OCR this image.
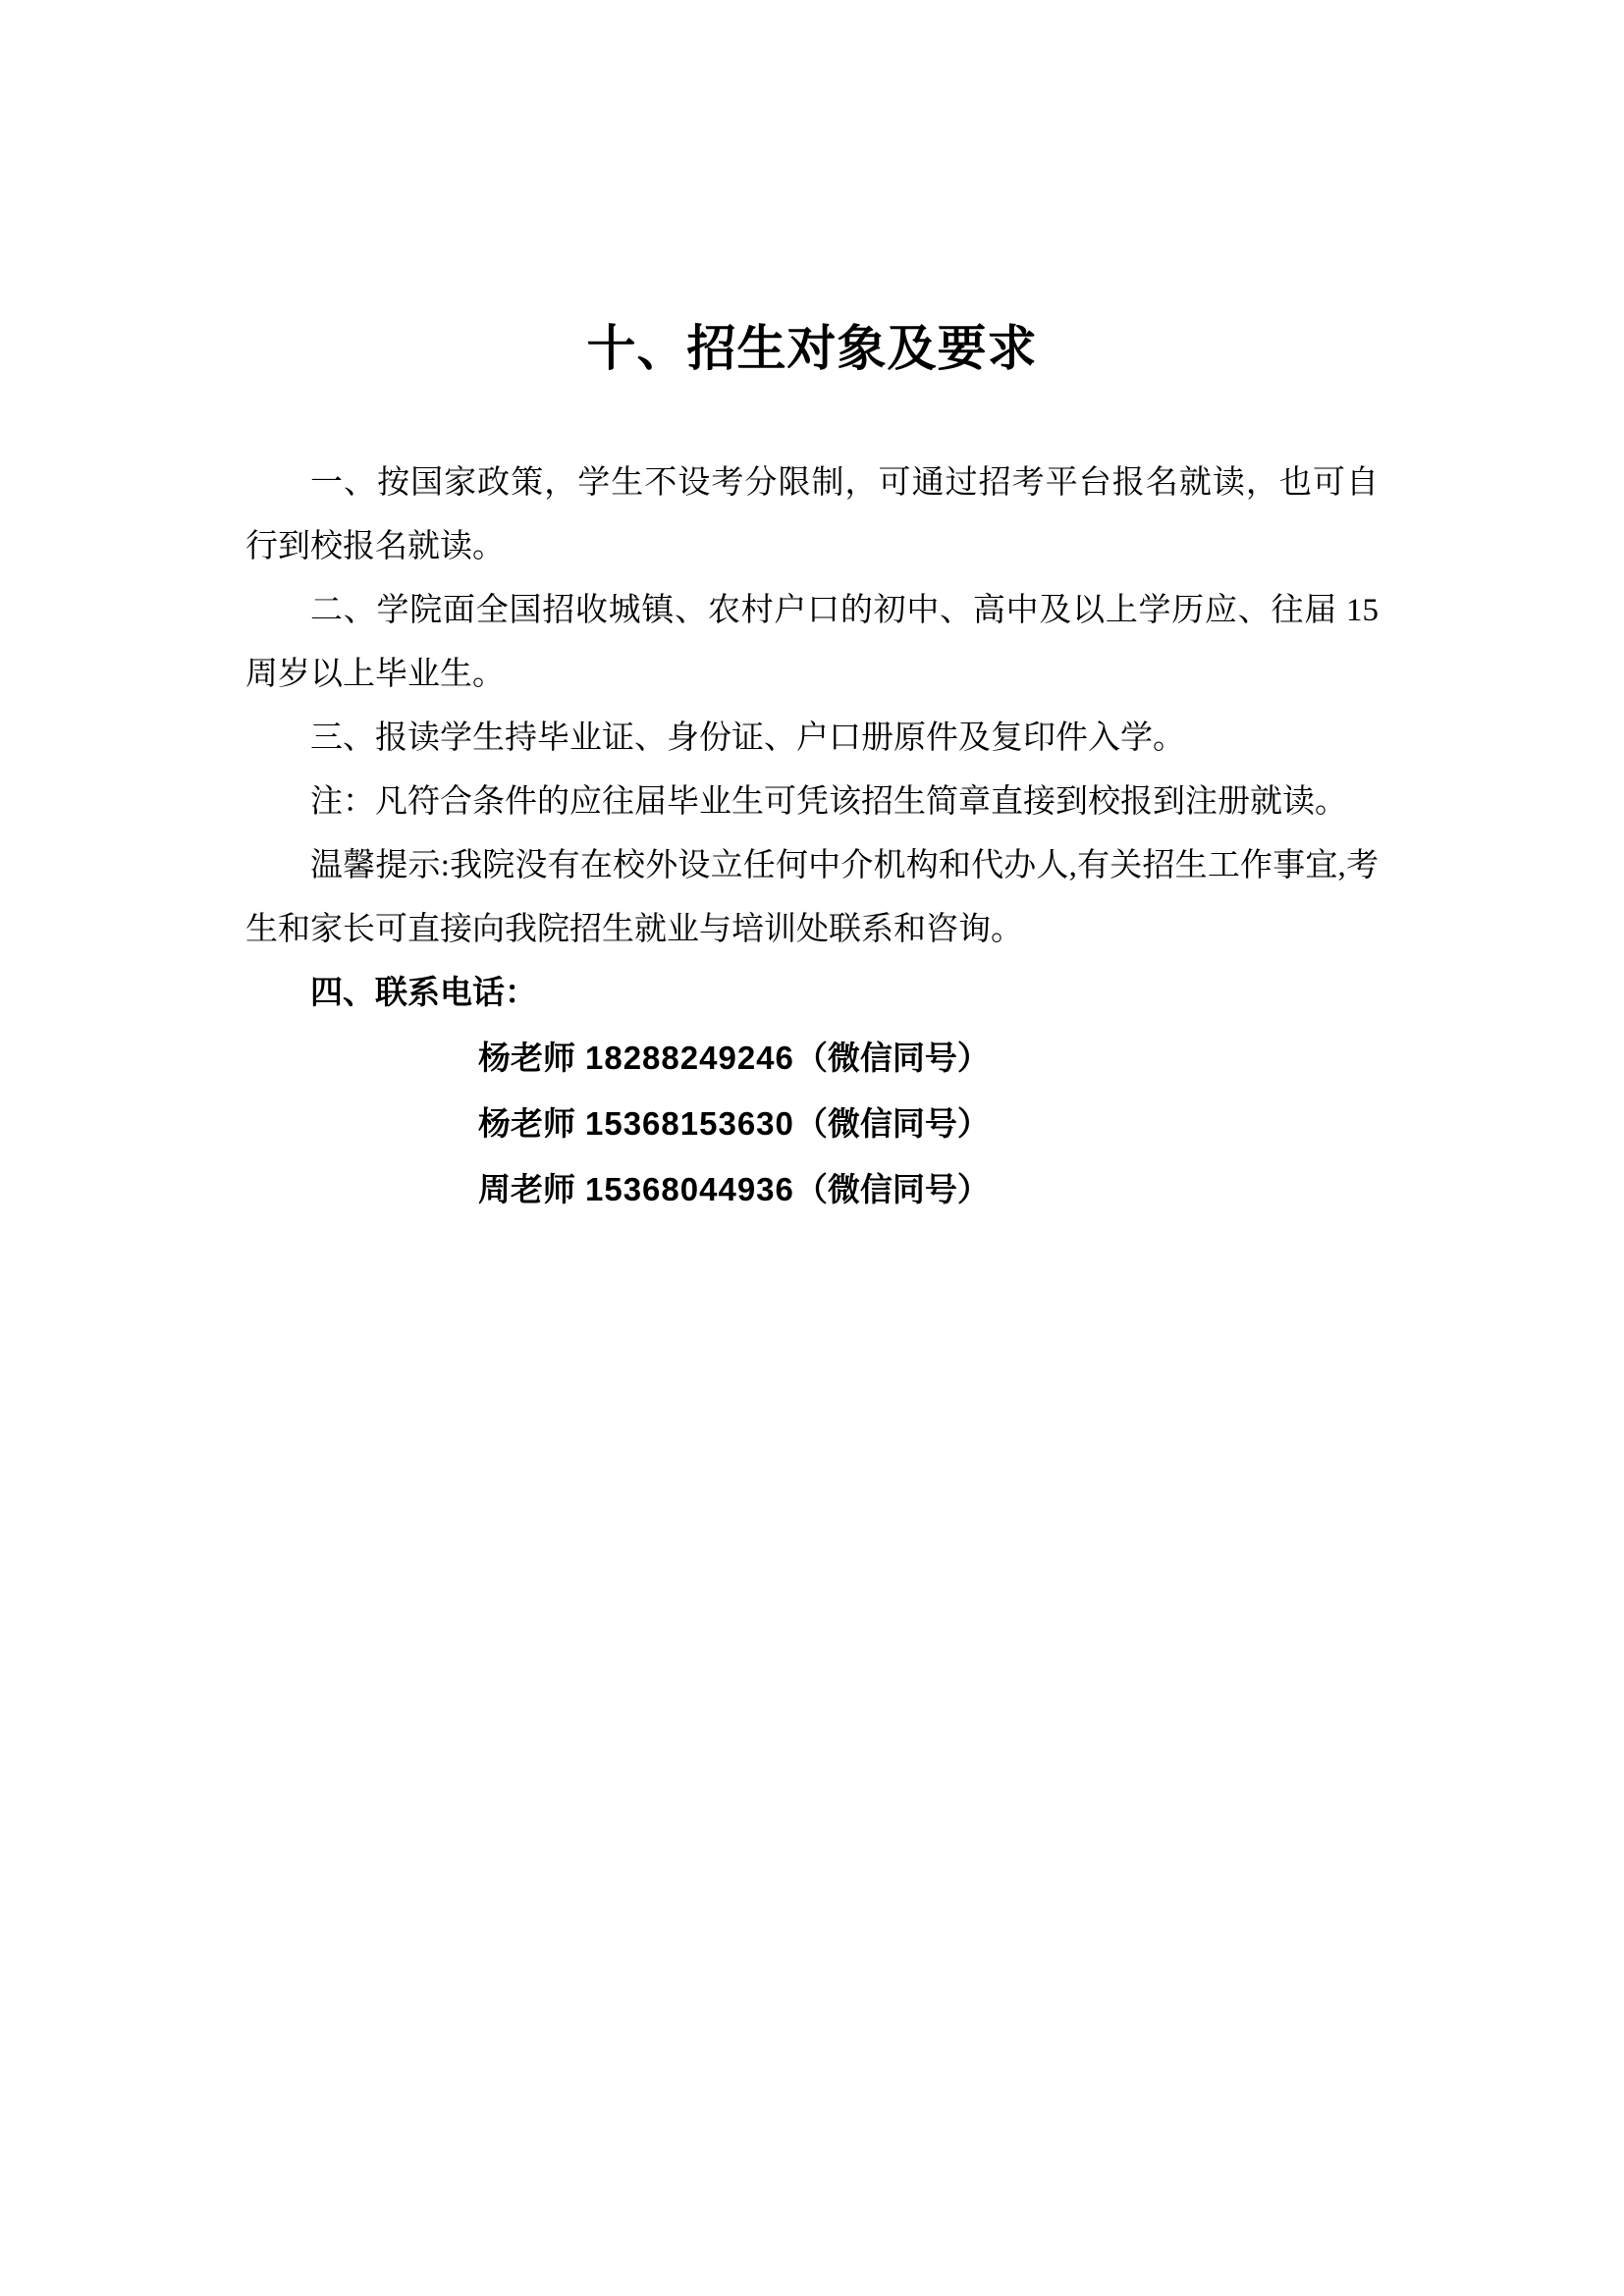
十、招生对象及要求

一、按国家政策，学生不设考分限制，可通过招考平台报名就读，也可自行到校报名就读。

二、学院面全国招收城镇、农村户口的初中、高中及以上学历应、往届 15 周岁以上毕业生。

三、报读学生持毕业证、身份证、户口册原件及复印件入学。

注：凡符合条件的应往届毕业生可凭该招生简章直接到校报到注册就读。

温馨提示:我院没有在校外设立任何中介机构和代办人,有关招生工作事宜,考生和家长可直接向我院招生就业与培训处联系和咨询。

四、联系电话：

杨老师 18288249246（微信同号）
杨老师 15368153630（微信同号）
周老师 15368044936（微信同号）
